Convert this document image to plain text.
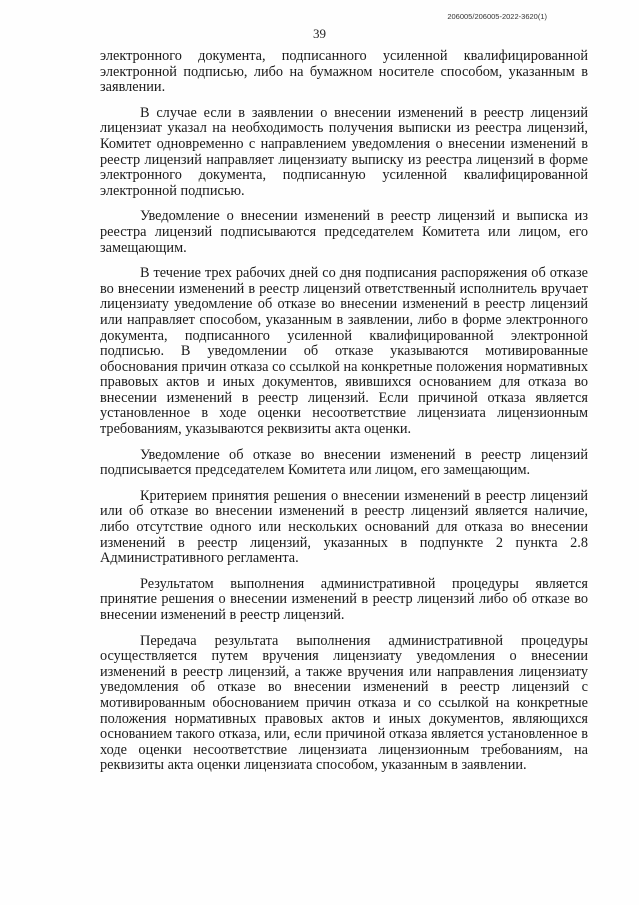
206005/206005-2022-3620(1)
39

электронного документа, подписанного усиленной квалифицированной электронной подписью, либо на бумажном носителе способом, указанным в заявлении.

В случае если в заявлении о внесении изменений в реестр лицензий лицензиат указал на необходимость получения выписки из реестра лицензий, Комитет одновременно с направлением уведомления о внесении изменений в реестр лицензий направляет лицензиату выписку из реестра лицензий в форме электронного документа, подписанную усиленной квалифицированной электронной подписью.

Уведомление о внесении изменений в реестр лицензий и выписка из реестра лицензий подписываются председателем Комитета или лицом, его замещающим.

В течение трех рабочих дней со дня подписания распоряжения об отказе во внесении изменений в реестр лицензий ответственный исполнитель вручает лицензиату уведомление об отказе во внесении изменений в реестр лицензий или направляет способом, указанным в заявлении, либо в форме электронного документа, подписанного усиленной квалифицированной электронной подписью. В уведомлении об отказе указываются мотивированные обоснования причин отказа со ссылкой на конкретные положения нормативных правовых актов и иных документов, явившихся основанием для отказа во внесении изменений в реестр лицензий. Если причиной отказа является установленное в ходе оценки несоответствие лицензиата лицензионным требованиям, указываются реквизиты акта оценки.

Уведомление об отказе во внесении изменений в реестр лицензий подписывается председателем Комитета или лицом, его замещающим.

Критерием принятия решения о внесении изменений в реестр лицензий или об отказе во внесении изменений в реестр лицензий является наличие, либо отсутствие одного или нескольких оснований для отказа во внесении изменений в реестр лицензий, указанных в подпункте 2 пункта 2.8 Административного регламента.

Результатом выполнения административной процедуры является принятие решения о внесении изменений в реестр лицензий либо об отказе во внесении изменений в реестр лицензий.

Передача результата выполнения административной процедуры осуществляется путем вручения лицензиату уведомления о внесении изменений в реестр лицензий, а также вручения или направления лицензиату уведомления об отказе во внесении изменений в реестр лицензий с мотивированным обоснованием причин отказа и со ссылкой на конкретные положения нормативных правовых актов и иных документов, являющихся основанием такого отказа, или, если причиной отказа является установленное в ходе оценки несоответствие лицензиата лицензионным требованиям, на реквизиты акта оценки лицензиата способом, указанным в заявлении.
